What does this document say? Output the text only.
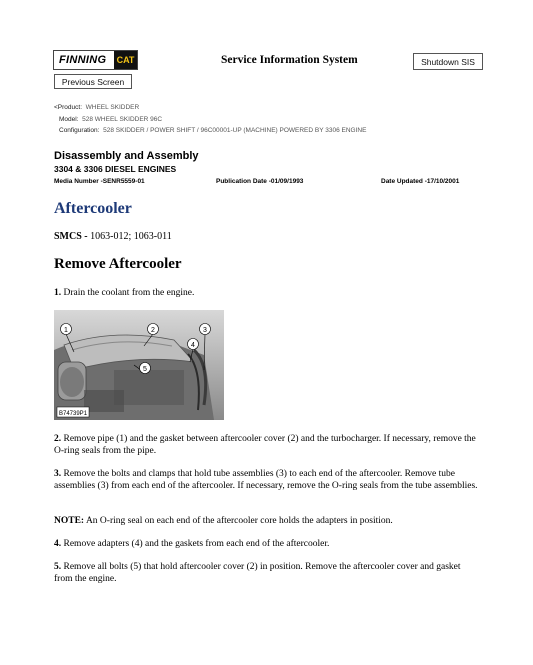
FINNING	CAT	Service Information System	Shutdown SIS
Previous Screen
<Product: WHEEL SKIDDER
Model: 528 WHEEL SKIDDER 96C
Configuration: 528 SKIDDER / POWER SHIFT / 96C00001-UP (MACHINE) POWERED BY 3306 ENGINE
Disassembly and Assembly
3304 & 3306 DIESEL ENGINES
Media Number -SENR5559-01	Publication Date -01/09/1993	Date Updated -17/10/2001
Aftercooler
SMCS - 1063-012; 1063-011
Remove Aftercooler
1. Drain the coolant from the engine.
1	2	3
4
5
B74739P1
2. Remove pipe (1) and the gasket between aftercooler cover (2) and the turbocharger. If necessary, remove the O-ring seals from the pipe.
3. Remove the bolts and clamps that hold tube assemblies (3) to each end of the aftercooler. Remove tube assemblies (3) from each end of the aftercooler. If necessary, remove the O-ring seals from the tube assemblies.
NOTE: An O-ring seal on each end of the aftercooler core holds the adapters in position.
4. Remove adapters (4) and the gaskets from each end of the aftercooler.
5. Remove all bolts (5) that hold aftercooler cover (2) in position. Remove the aftercooler cover and gasket from the engine.
